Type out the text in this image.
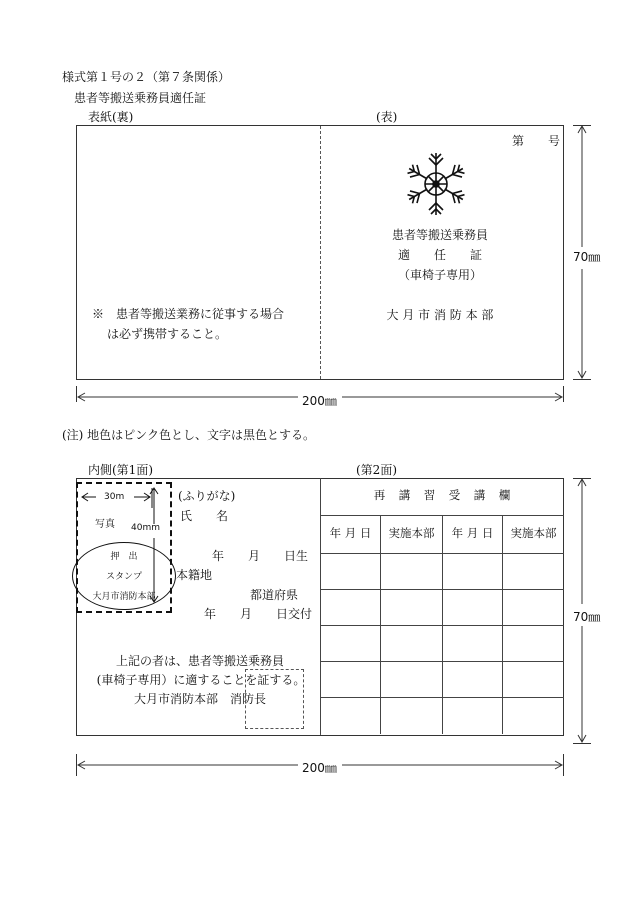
様式第１号の２（第７条関係）
患者等搬送乗務員適任証
表紙(裏)	(表)
第　　号
患者等搬送乗務員
適　　任　　証
（車椅子専用）
大 月 市 消 防 本 部
※　患者等搬送業務に従事する場合
は必ず携帯すること。
70㎜
200㎜
(注) 地色はピンク色とし、文字は黒色とする。
内側(第1面)	(第2面)
30m
写真 40mm
押　出
スタンプ
大月市消防本部
(ふりがな)
氏　　名
年　　月　　日生
本籍地
都道府県
年　　月　　日交付
上記の者は、患者等搬送乗務員
(車椅子専用）に適することを証する。
大月市消防本部　消防長
再　講　習　受　講　欄			
年 月 日	実施本部	年 月 日	実施本部

70㎜
200㎜
